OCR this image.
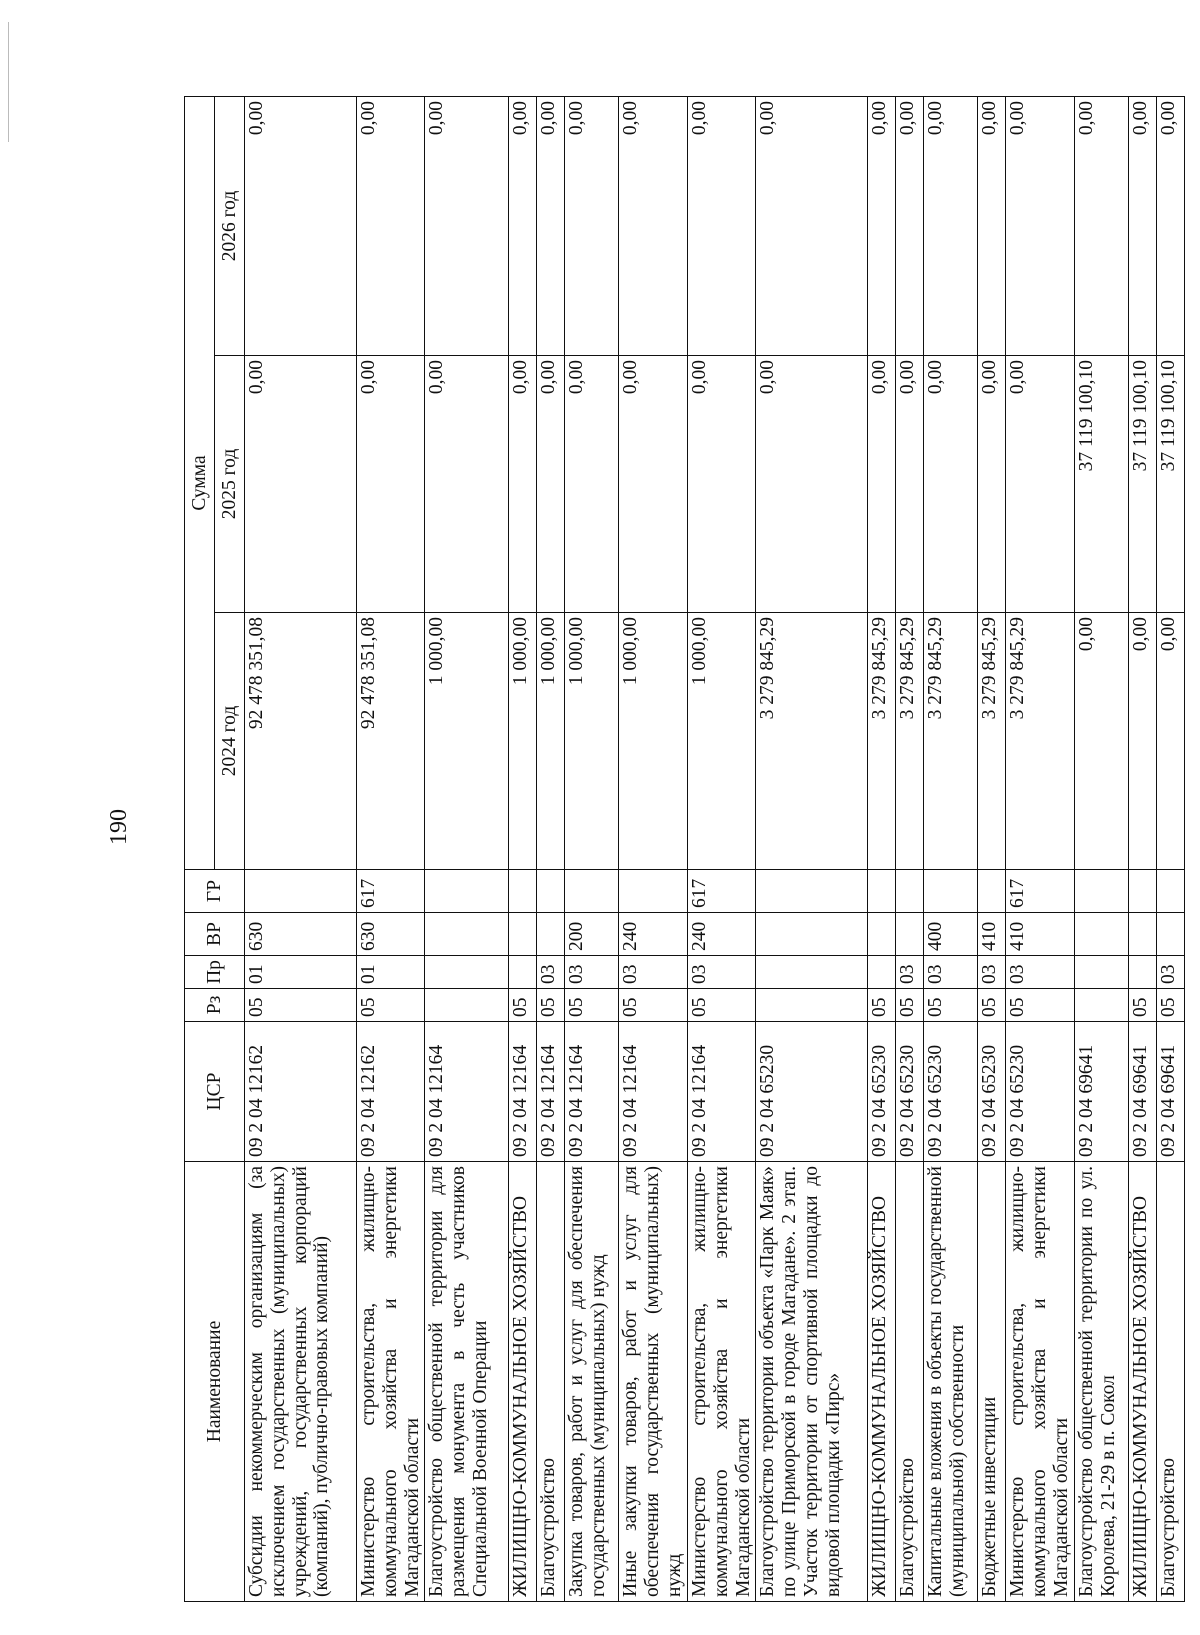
190
Наименование	ЦСР	Рз	Пр	ВР	ГР	Сумма		
						2024 год	2025 год	2026 год
Субсидии некоммерческим организациям (за исключением государственных (муниципальных) учреждений, государственных корпораций (компаний), публично-правовых компаний)	09 2 04 12162	05	01	630		92 478 351,08	0,00	0,00
Министерство строительства, жилищно-коммунального хозяйства и энергетики Магаданской области	09 2 04 12162	05	01	630	617	92 478 351,08	0,00	0,00
Благоустройство общественной территории для размещения монумента в честь участников Специальной Военной Операции	09 2 04 12164					1 000,00	0,00	0,00
ЖИЛИЩНО-КОММУНАЛЬНОЕ ХОЗЯЙСТВО	09 2 04 12164	05				1 000,00	0,00	0,00
Благоустройство	09 2 04 12164	05	03			1 000,00	0,00	0,00
Закупка товаров, работ и услуг для обеспечения государственных (муниципальных) нужд	09 2 04 12164	05	03	200		1 000,00	0,00	0,00
Иные закупки товаров, работ и услуг для обеспечения государственных (муниципальных) нужд	09 2 04 12164	05	03	240		1 000,00	0,00	0,00
Министерство строительства, жилищно-коммунального хозяйства и энергетики Магаданской области	09 2 04 12164	05	03	240	617	1 000,00	0,00	0,00
Благоустройство территории объекта «Парк Маяк» по улице Приморской в городе Магадане». 2 этап. Участок территории от спортивной площадки до видовой площадки «Пирс»	09 2 04 65230					3 279 845,29	0,00	0,00
ЖИЛИЩНО-КОММУНАЛЬНОЕ ХОЗЯЙСТВО	09 2 04 65230	05				3 279 845,29	0,00	0,00
Благоустройство	09 2 04 65230	05	03			3 279 845,29	0,00	0,00
Капитальные вложения в объекты государственной (муниципальной) собственности	09 2 04 65230	05	03	400		3 279 845,29	0,00	0,00
Бюджетные инвестиции	09 2 04 65230	05	03	410		3 279 845,29	0,00	0,00
Министерство строительства, жилищно-коммунального хозяйства и энергетики Магаданской области	09 2 04 65230	05	03	410	617	3 279 845,29	0,00	0,00
Благоустройство общественной территории по ул. Королева, 21-29 в п. Сокол	09 2 04 69641					0,00	37 119 100,10	0,00
ЖИЛИЩНО-КОММУНАЛЬНОЕ ХОЗЯЙСТВО	09 2 04 69641	05				0,00	37 119 100,10	0,00
Благоустройство	09 2 04 69641	05	03			0,00	37 119 100,10	0,00
